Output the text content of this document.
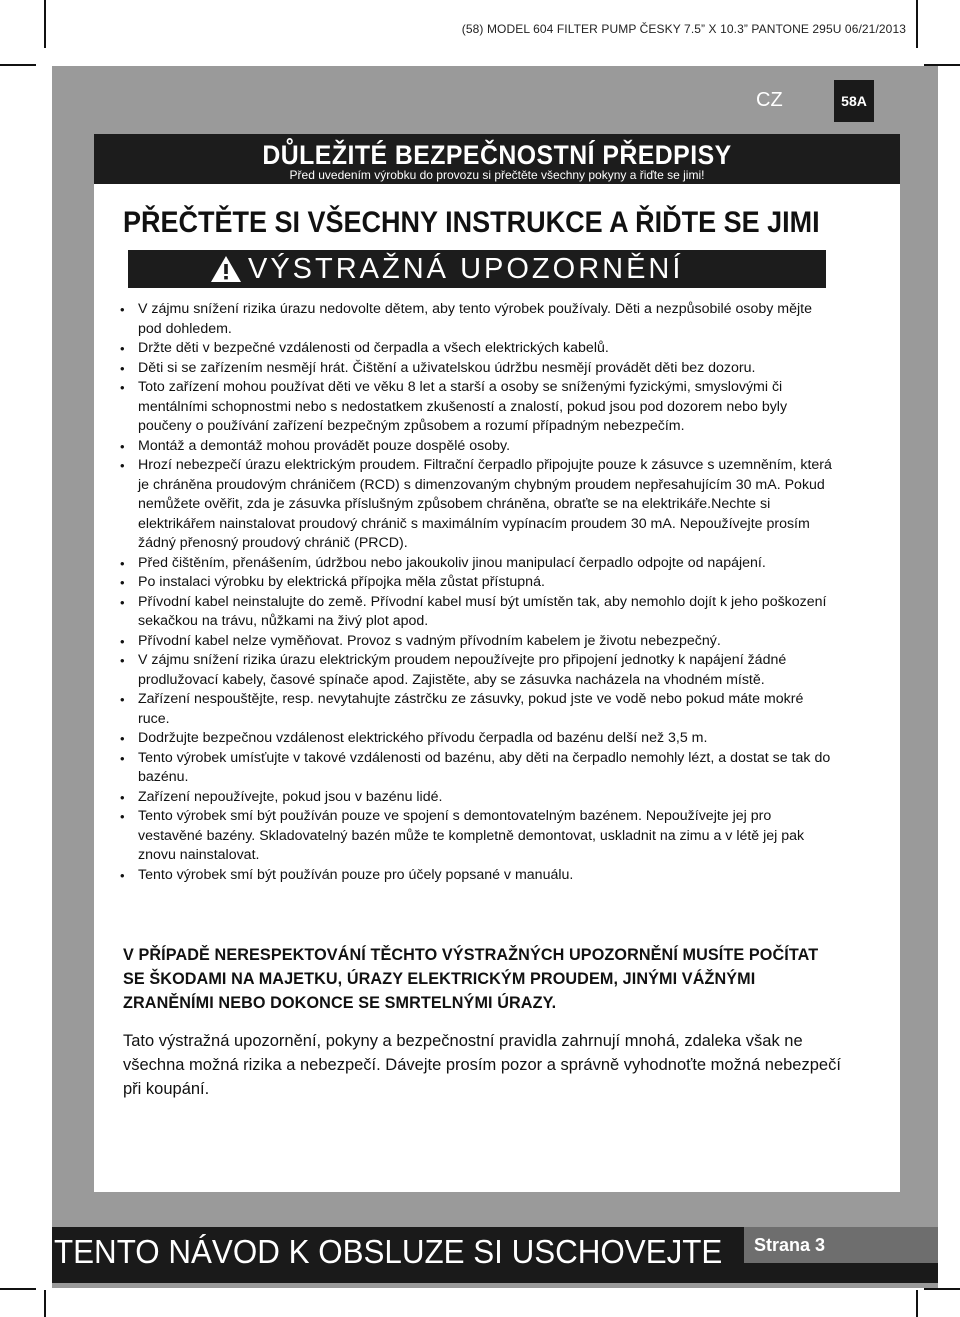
(58) MODEL 604 FILTER PUMP ČESKY 7.5” X 10.3” PANTONE 295U 06/21/2013
CZ	58A
DŮLEŽITÉ BEZPEČNOSTNÍ PŘEDPISY
Před uvedením výrobku do provozu si přečtěte všechny pokyny a řiďte se jimi!
PŘEČTĚTE SI VŠECHNY INSTRUKCE A ŘIĎTE SE JIMI
VÝSTRAŽNÁ UPOZORNĚNÍ
• V zájmu snížení rizika úrazu nedovolte dětem, aby tento výrobek používaly. Děti a nezpůsobilé osoby mějte pod dohledem.
• Držte děti v bezpečné vzdálenosti od čerpadla a všech elektrických kabelů.
• Děti si se zařízením nesmějí hrát. Čištění a uživatelskou údržbu nesmějí provádět děti bez dozoru.
• Toto zařízení mohou používat děti ve věku 8 let a starší a osoby se sníženými fyzickými, smyslovými či mentálními schopnostmi nebo s nedostatkem zkušeností a znalostí, pokud jsou pod dozorem nebo byly poučeny o používání zařízení bezpečným způsobem a rozumí případným nebezpečím.
• Montáž a demontáž mohou provádět pouze dospělé osoby.
• Hrozí nebezpečí úrazu elektrickým proudem. Filtrační čerpadlo připojujte pouze k zásuvce s uzemněním, která je chráněna proudovým chráničem (RCD) s dimenzovaným chybným proudem nepřesahujícím 30 mA. Pokud nemůžete ověřit, zda je zásuvka příslušným způsobem chráněna, obraťte se na elektrikáře.Nechte si elektrikářem nainstalovat proudový chránič s maximálním vypínacím proudem 30 mA. Nepoužívejte prosím žádný přenosný proudový chránič (PRCD).
• Před čištěním, přenášením, údržbou nebo jakoukoliv jinou manipulací čerpadlo odpojte od napájení.
• Po instalaci výrobku by elektrická přípojka měla zůstat přístupná.
• Přívodní kabel neinstalujte do země. Přívodní kabel musí být umístěn tak, aby nemohlo dojít k jeho poškození sekačkou na trávu, nůžkami na živý plot apod.
• Přívodní kabel nelze vyměňovat. Provoz s vadným přívodním kabelem je životu nebezpečný.
• V zájmu snížení rizika úrazu elektrickým proudem nepoužívejte pro připojení jednotky k napájení žádné prodlužovací kabely, časové spínače apod. Zajistěte, aby se zásuvka nacházela na vhodném místě.
• Zařízení nespouštějte, resp. nevytahujte zástrčku ze zásuvky, pokud jste ve vodě nebo pokud máte mokré ruce.
• Dodržujte bezpečnou vzdálenost elektrického přívodu čerpadla od bazénu delší než 3,5 m.
• Tento výrobek umísťujte v takové vzdálenosti od bazénu, aby děti na čerpadlo nemohly lézt, a dostat se tak do bazénu.
• Zařízení nepoužívejte, pokud jsou v bazénu lidé.
• Tento výrobek smí být používán pouze ve spojení s demontovatelným bazénem. Nepoužívejte jej pro vestavěné bazény. Skladovatelný bazén může te kompletně demontovat, uskladnit na zimu a v létě jej pak znovu nainstalovat.
• Tento výrobek smí být používán pouze pro účely popsané v manuálu.
V PŘÍPADĚ NERESPEKTOVÁNÍ TĚCHTO VÝSTRAŽNÝCH UPOZORNĚNÍ MUSÍTE POČÍTAT SE ŠKODAMI NA MAJETKU, ÚRAZY ELEKTRICKÝM PROUDEM, JINÝMI VÁŽNÝMI ZRANĚNÍMI NEBO DOKONCE SE SMRTELNÝMI ÚRAZY.
Tato výstražná upozornění, pokyny a bezpečnostní pravidla zahrnují mnohá, zdaleka však ne všechna možná rizika a nebezpečí. Dávejte prosím pozor a správně vyhodnoťte možná nebezpečí při koupání.
TENTO NÁVOD K OBSLUZE SI USCHOVEJTE	Strana 3
